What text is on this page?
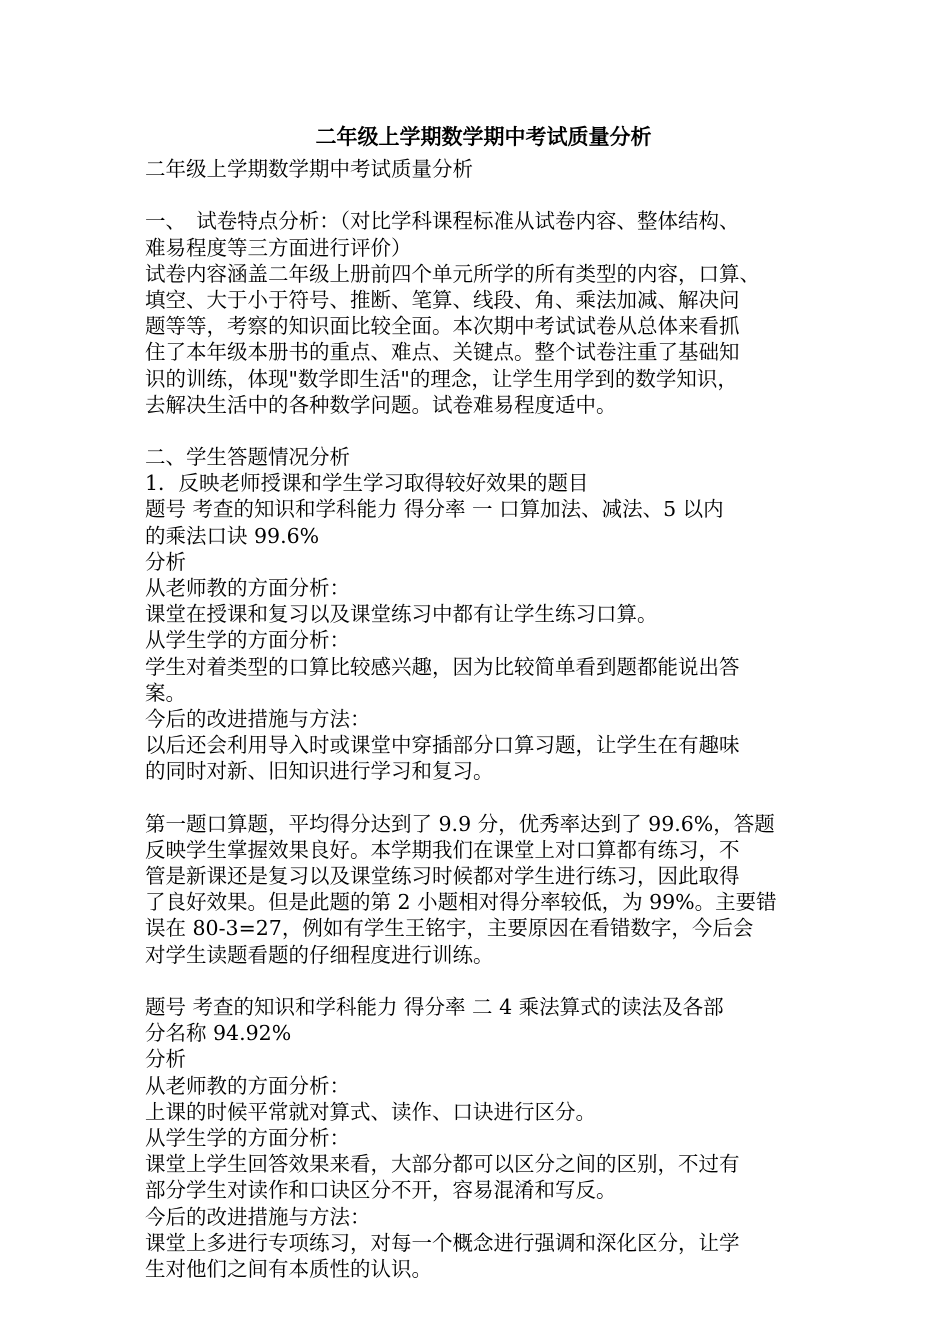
二年级上学期数学期中考试质量分析
二年级上学期数学期中考试质量分析
一、　试卷特点分析：（对比学科课程标准从试卷内容、整体结构、
难易程度等三方面进行评价）
试卷内容涵盖二年级上册前四个单元所学的所有类型的内容，口算、
填空、大于小于符号、推断、笔算、线段、角、乘法加减、解决问
题等等，考察的知识面比较全面。本次期中考试试卷从总体来看抓
住了本年级本册书的重点、难点、关键点。整个试卷注重了基础知
识的训练，体现"数学即生活"的理念，让学生用学到的数学知识，
去解决生活中的各种数学问题。试卷难易程度适中。
二、学生答题情况分析
1．反映老师授课和学生学习取得较好效果的题目
题号 考查的知识和学科能力 得分率 一 口算加法、减法、5 以内
的乘法口诀 99.6%
分析
从老师教的方面分析：
课堂在授课和复习以及课堂练习中都有让学生练习口算。
从学生学的方面分析：
学生对着类型的口算比较感兴趣，因为比较简单看到题都能说出答
案。
今后的改进措施与方法：
以后还会利用导入时或课堂中穿插部分口算习题，让学生在有趣味
的同时对新、旧知识进行学习和复习。
第一题口算题，平均得分达到了 9.9 分，优秀率达到了 99.6%，答题
反映学生掌握效果良好。本学期我们在课堂上对口算都有练习，不
管是新课还是复习以及课堂练习时候都对学生进行练习，因此取得
了良好效果。但是此题的第 2 小题相对得分率较低，为 99%。主要错
误在 80-3=27，例如有学生王铭宇，主要原因在看错数字，今后会
对学生读题看题的仔细程度进行训练。
题号 考查的知识和学科能力 得分率 二 4 乘法算式的读法及各部
分名称 94.92%
分析
从老师教的方面分析：
上课的时候平常就对算式、读作、口诀进行区分。
从学生学的方面分析：
课堂上学生回答效果来看，大部分都可以区分之间的区别，不过有
部分学生对读作和口诀区分不开，容易混淆和写反。
今后的改进措施与方法：
课堂上多进行专项练习，对每一个概念进行强调和深化区分，让学
生对他们之间有本质性的认识。
